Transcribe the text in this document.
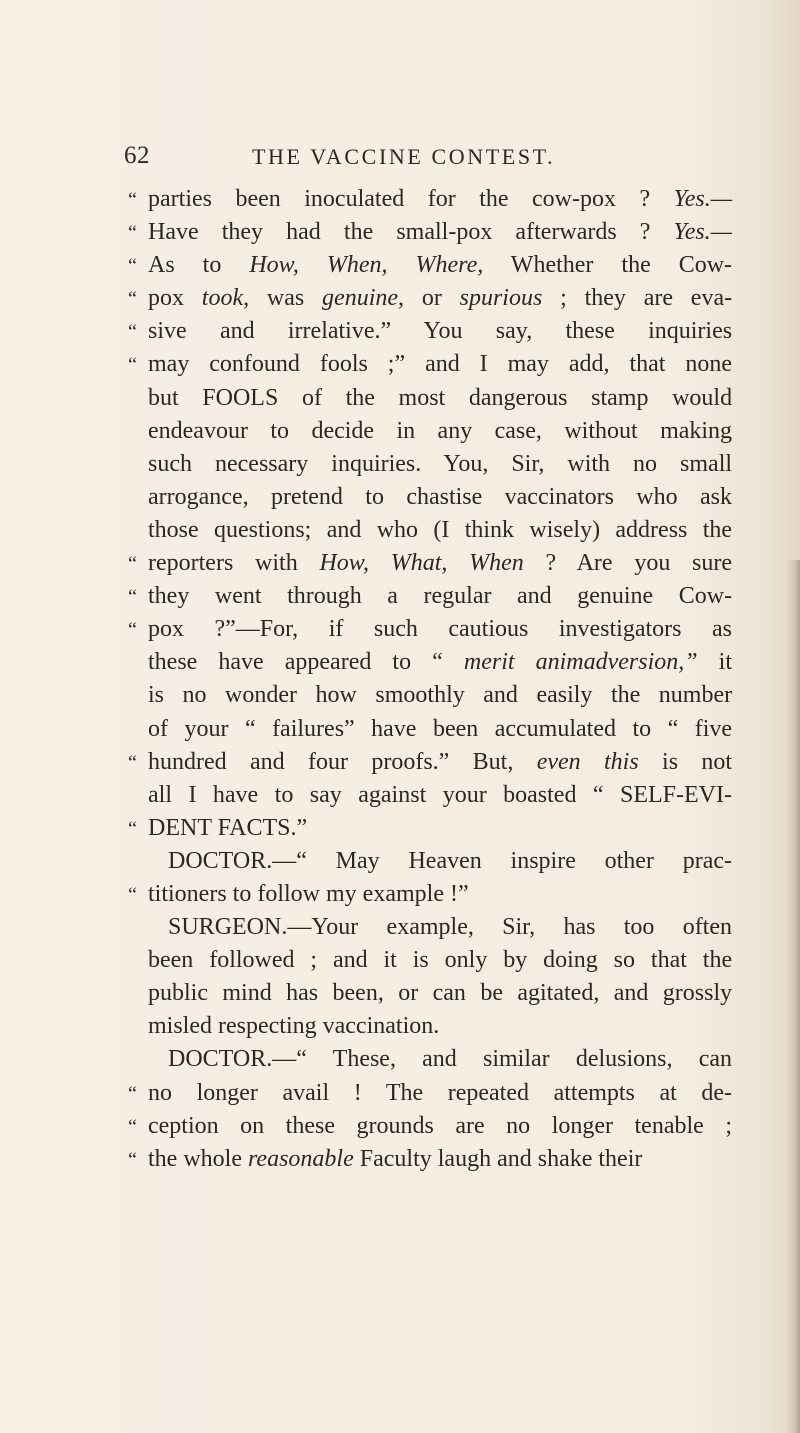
62	THE VACCINE CONTEST.
“ parties been inoculated for the cow-pox ? Yes.—
“ Have they had the small-pox afterwards ? Yes.—
“ As to How, When, Where, Whether the Cow-
“ pox took, was genuine, or spurious ; they are eva-
“ sive and irrelative.” You say, these inquiries
“ may confound fools ;” and I may add, that none
but FOOLS of the most dangerous stamp would
endeavour to decide in any case, without making
such necessary inquiries. You, Sir, with no small
arrogance, pretend to chastise vaccinators who ask
those questions; and who (I think wisely) address the
“ reporters with How, What, When ? Are you sure
“ they went through a regular and genuine Cow-
“ pox ?”—For, if such cautious investigators as
these have appeared to “ merit animadversion,” it
is no wonder how smoothly and easily the number
of your “ failures” have been accumulated to “ five
“ hundred and four proofs.” But, even this is not
all I have to say against your boasted “ SELF-EVI-
“ DENT FACTS.”
DOCTOR.—“ May Heaven inspire other prac-
“ titioners to follow my example !”
SURGEON.—Your example, Sir, has too often
been followed ; and it is only by doing so that the
public mind has been, or can be agitated, and grossly
misled respecting vaccination.
DOCTOR.—“ These, and similar delusions, can
“ no longer avail ! The repeated attempts at de-
“ ception on these grounds are no longer tenable ;
“ the whole reasonable Faculty laugh and shake their
